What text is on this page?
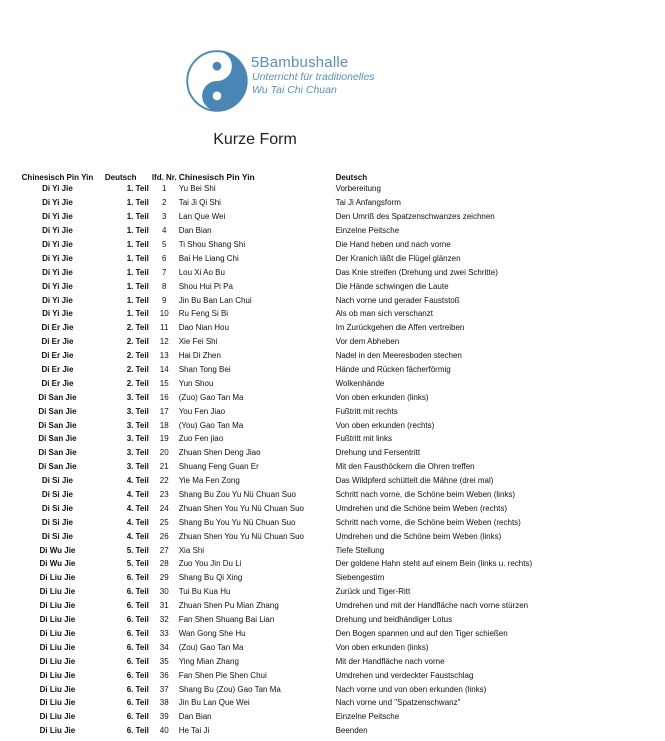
5Bambushalle
Unterricht für traditionelles
Wu Tai Chi Chuan
Kurze Form
Chinesisch Pin Yin	Deutsch	lfd. Nr.	Chinesisch Pin Yin	Deutsch
Di Yi Jie	1. Teil	1	Yu Bei Shi	Vorbereitung
Di Yi Jie	1. Teil	2	Tai Ji Qi Shi	Tai Ji Anfangsform
Di Yi Jie	1. Teil	3	Lan Que Wei	Den Umriß des Spatzenschwanzes zeichnen
Di Yi Jie	1. Teil	4	Dan Bian	Einzelne Peitsche
Di Yi Jie	1. Teil	5	Ti Shou Shang Shi	Die Hand heben und nach vorne
Di Yi Jie	1. Teil	6	Bai He Liang Chi	Der Kranich läßt die Flügel glänzen
Di Yi Jie	1. Teil	7	Lou Xi Ao Bu	Das Knie streifen (Drehung und zwei Schritte)
Di Yi Jie	1. Teil	8	Shou Hui Pi Pa	Die Hände schwingen die Laute
Di Yi Jie	1. Teil	9	Jin Bu Ban Lan Chui	Nach vorne und gerader Fauststoß
Di Yi Jie	1. Teil	10	Ru Feng Si Bi	Als ob man sich verschanzt
Di Er Jie	2. Teil	11	Dao Nian Hou	Im Zurückgehen die Affen vertreiben
Di Er Jie	2. Teil	12	Xie Fei Shi	Vor dem Abheben
Di Er Jie	2. Teil	13	Hai Di Zhen	Nadel in den Meeresboden stechen
Di Er Jie	2. Teil	14	Shan Tong Bei	Hände und Rücken fächerförmig
Di Er Jie	2. Teil	15	Yun Shou	Wolkenhände
Di San Jie	3. Teil	16	(Zuo) Gao Tan Ma	Von oben erkunden (links)
Di San Jie	3. Teil	17	You Fen Jiao	Fußtritt mit rechts
Di San Jie	3. Teil	18	(You) Gao Tan Ma	Von oben erkunden (rechts)
Di San Jie	3. Teil	19	Zuo Fen jiao	Fußtritt mit links
Di San Jie	3. Teil	20	Zhuan Shen Deng Jiao	Drehung und Fersentritt
Di San Jie	3. Teil	21	Shuang Feng Guan Er	Mit den Fausthöckern die Ohren treffen
Di Si Jie	4. Teil	22	Yie Ma Fen Zong	Das Wildpferd schüttelt die Mähne (drei mal)
Di Si Jie	4. Teil	23	Shang Bu Zou Yu Nü Chuan Suo	Schritt nach vorne, die Schöne beim Weben (links)
Di Si Jie	4. Teil	24	Zhuan Shen You Yu Nü Chuan Suo	Umdrehen und die Schöne beim Weben (rechts)
Di Si Jie	4. Teil	25	Shang Bu You Yu Nü Chuan Suo	Schritt nach vorne, die Schöne beim Weben (rechts)
Di Si Jie	4. Teil	26	Zhuan Shen You Yu Nü Chuan Suo	Umdrehen und die Schöne beim Weben (links)
Di Wu Jie	5. Teil	27	Xia Shi	Tiefe Stellung
Di Wu Jie	5. Teil	28	Zuo You Jin Du Li	Der goldene Hahn steht auf einem Bein (links u. rechts)
Di Liu Jie	6. Teil	29	Shang Bu Qi Xing	Siebengestirn
Di Liu Jie	6. Teil	30	Tui Bu Kua Hu	Zurück und Tiger-Ritt
Di Liu Jie	6. Teil	31	Zhuan Shen Pu Mian Zhang	Umdrehen und mit der Handfläche nach vorne stürzen
Di Liu Jie	6. Teil	32	Fan Shen Shuang Bai Lian	Drehung und beidhändiger Lotus
Di Liu Jie	6. Teil	33	Wan Gong She Hu	Den Bogen spannen und auf den Tiger schießen
Di Liu Jie	6. Teil	34	(Zou) Gao Tan Ma	Von oben erkunden (links)
Di Liu Jie	6. Teil	35	Ying Mian Zhang	Mit der Handfläche nach vorne
Di Liu Jie	6. Teil	36	Fan Shen Pie Shen Chui	Umdrehen und verdeckter Faustschlag
Di Liu Jie	6. Teil	37	Shang Bu (Zou) Gao Tan Ma	Nach vorne und von oben erkunden (links)
Di Liu Jie	6. Teil	38	Jin Bu Lan Que Wei	Nach vorne und "Spatzenschwanz"
Di Liu Jie	6. Teil	39	Dan Bian	Einzelne Peitsche
Di Liu Jie	6. Teil	40	He Tai Ji	Beenden
